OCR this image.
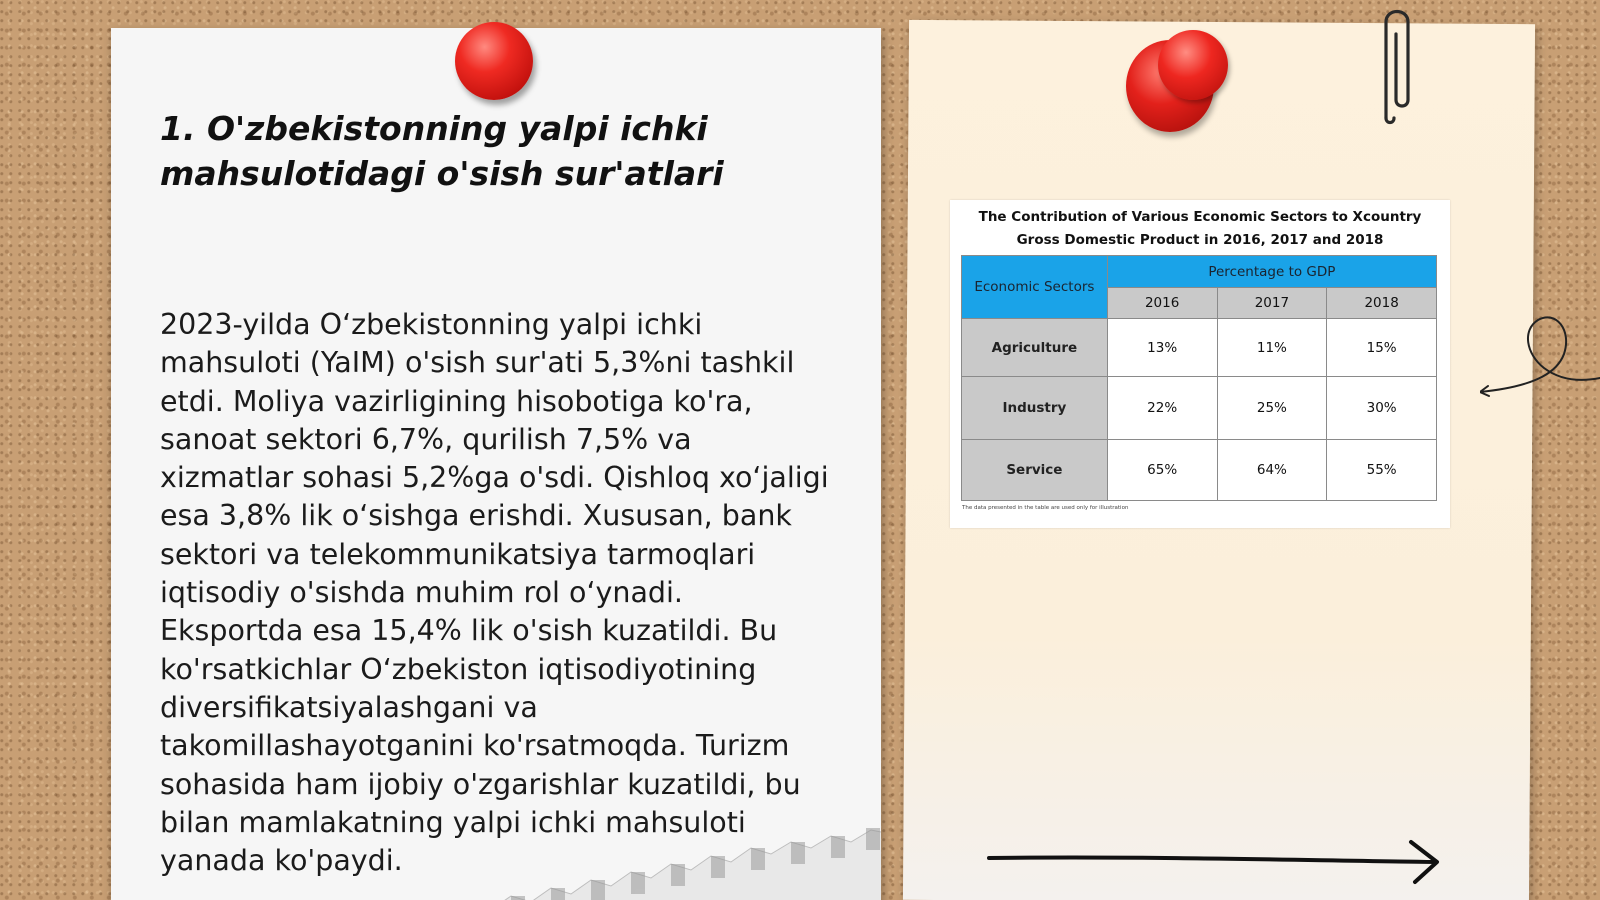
1. O'zbekistonning yalpi ichki mahsulotidagi o'sish sur'atlari

2023-yilda O‘zbekistonning yalpi ichki mahsuloti (YaIM) o'sish sur'ati 5,3%ni tashkil etdi. Moliya vazirligining hisobotiga ko'ra, sanoat sektori 6,7%, qurilish 7,5% va xizmatlar sohasi 5,2%ga o'sdi. Qishloq xo‘jaligi esa 3,8% lik o‘sishga erishdi. Xususan, bank sektori va telekommunikatsiya tarmoqlari iqtisodiy o'sishda muhim rol o‘ynadi. Eksportda esa 15,4% lik o'sish kuzatildi. Bu ko'rsatkichlar O‘zbekiston iqtisodiyotining diversifikatsiyalashgani va takomillashayotganini ko'rsatmoqda. Turizm sohasida ham ijobiy o'zgarishlar kuzatildi, bu bilan mamlakatning yalpi ichki mahsuloti yanada ko'paydi.

The Contribution of Various Economic Sectors to Xcountry
Gross Domestic Product in 2016, 2017 and 2018
Economic Sectors	Percentage to GDP		
	2016	2017	2018
Agriculture	13%	11%	15%
Industry	22%	25%	30%
Service	65%	64%	55%
The data presented in the table are used only for illustration
